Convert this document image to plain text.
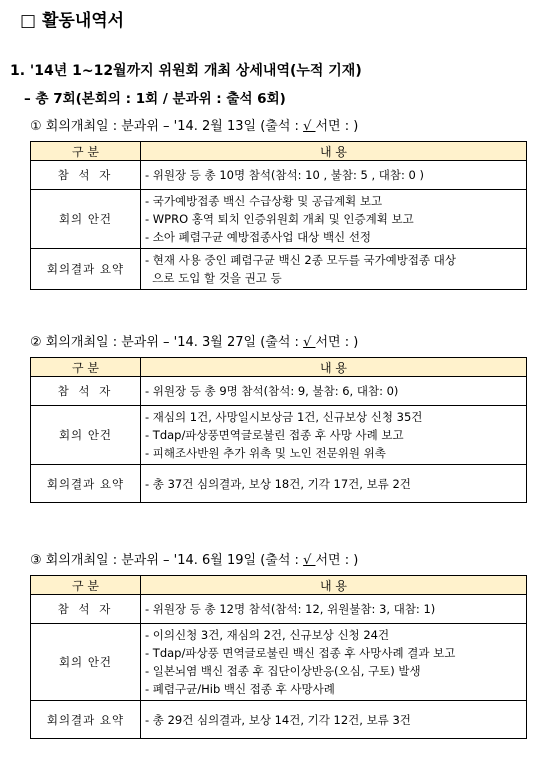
□ 활동내역서
1. '14년 1~12월까지 위원회 개최 상세내역(누적 기재)
– 총 7회(본회의 : 1회 / 분과위 : 출석 6회)
① 회의개최일 : 분과위 – '14. 2월 13일 (출석 : √ 서면 : )
구 분	내 용
참 석 자	- 위원장 등 총 10명 참석(참석: 10 , 불참: 5 , 대참: 0 )

회의 안건	- 국가예방접종 백신 수급상황 및 공급계획 보고
- WPRO 홍역 퇴치 인증위원회 개최 및 인증계획 보고
- 소아 폐렴구균 예방접종사업 대상 백신 선정

회의결과 요약	- 현재 사용 중인 폐렴구균 백신 2종 모두를 국가예방접종 대상
으로 도입 할 것을 권고 등
② 회의개최일 : 분과위 – '14. 3월 27일 (출석 : √ 서면 : )
구 분	내 용
참 석 자	- 위원장 등 총 9명 참석(참석: 9, 불참: 6, 대참: 0)

회의 안건	- 재심의 1건, 사망일시보상금 1건, 신규보상 신청 35건
- Tdap/파상풍면역글로불린 접종 후 사망 사례 보고
- 피해조사반원 추가 위촉 및 노인 전문위원 위촉

회의결과 요약	- 총 37건 심의결과, 보상 18건, 기각 17건, 보류 2건
③ 회의개최일 : 분과위 – '14. 6월 19일 (출석 : √ 서면 : )
구 분	내 용
참 석 자	- 위원장 등 총 12명 참석(참석: 12, 위원불참: 3, 대참: 1)

회의 안건	- 이의신청 3건, 재심의 2건, 신규보상 신청 24건
- Tdap/파상풍 면역글로불린 백신 접종 후 사망사례 결과 보고
- 일본뇌염 백신 접종 후 집단이상반응(오심, 구토) 발생
- 폐렴구균/Hib 백신 접종 후 사망사례

회의결과 요약	- 총 29건 심의결과, 보상 14건, 기각 12건, 보류 3건
